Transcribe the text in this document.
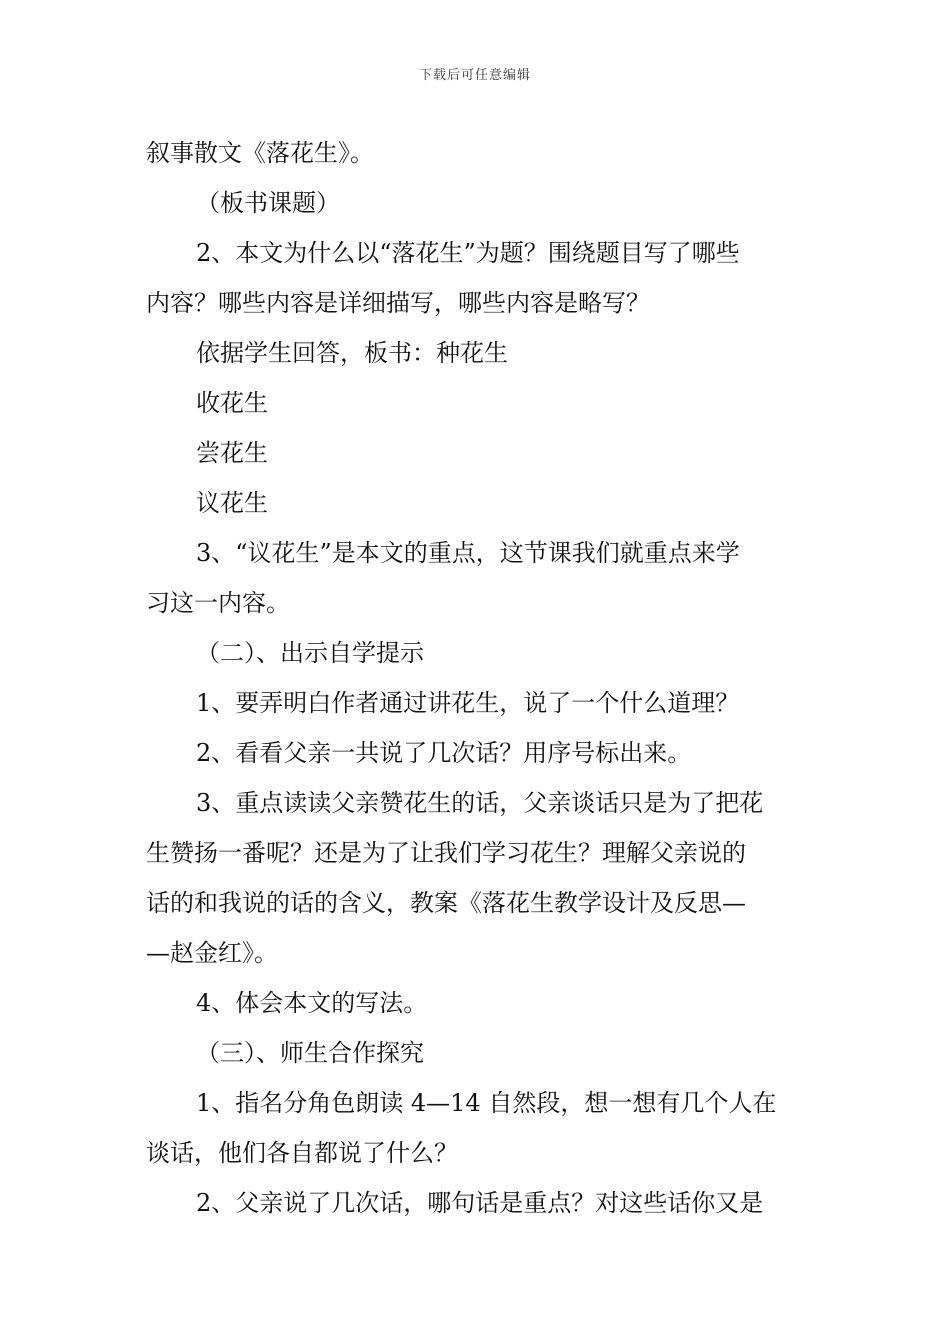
下载后可任意编辑
叙事散文《落花生》。
（板书课题）
2、本文为什么以“落花生”为题？围绕题目写了哪些
内容？哪些内容是详细描写，哪些内容是略写？
依据学生回答，板书：种花生
收花生
尝花生
议花生
3、“议花生”是本文的重点，这节课我们就重点来学
习这一内容。
（二）、出示自学提示
1、要弄明白作者通过讲花生，说了一个什么道理？
2、看看父亲一共说了几次话？用序号标出来。
3、重点读读父亲赞花生的话，父亲谈话只是为了把花
生赞扬一番呢？还是为了让我们学习花生？理解父亲说的
话的和我说的话的含义，教案《落花生教学设计及反思—
—赵金红》。
4、体会本文的写法。
（三）、师生合作探究
1、指名分角色朗读 4—14 自然段，想一想有几个人在
谈话，他们各自都说了什么？
2、父亲说了几次话，哪句话是重点？对这些话你又是
